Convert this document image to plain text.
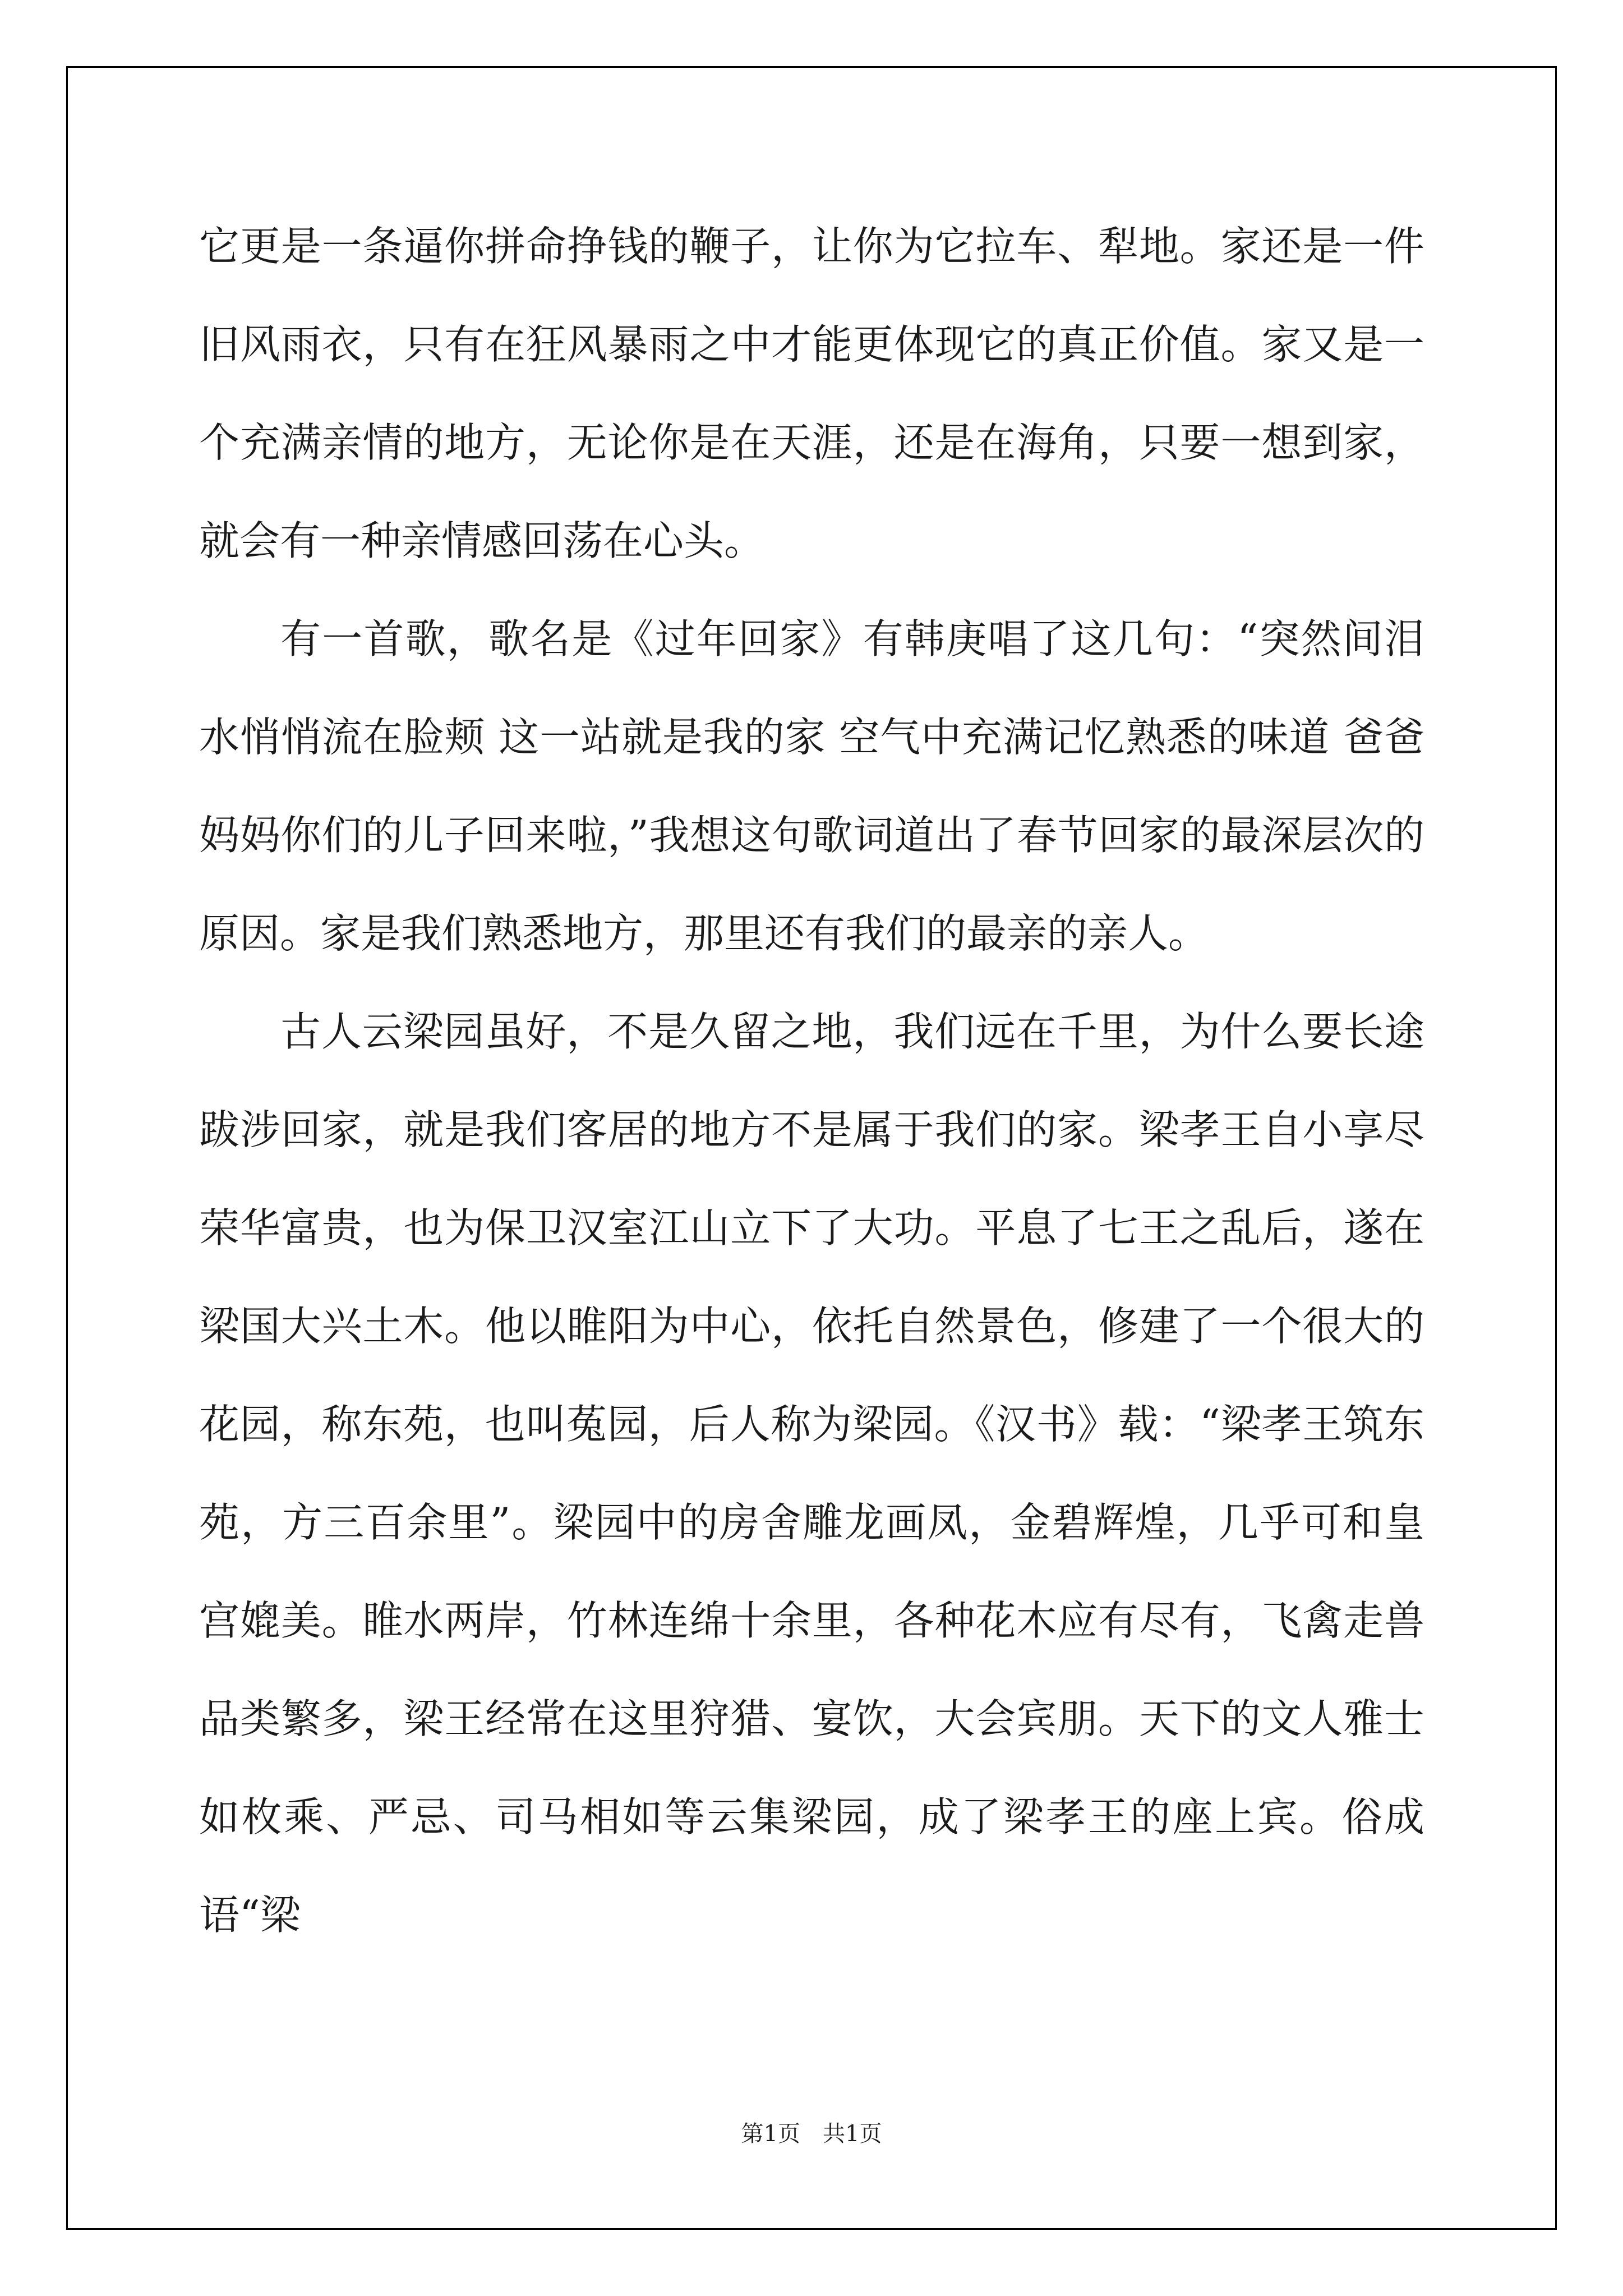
它更是一条逼你拼命挣钱的鞭子，让你为它拉车、犁地。家还是一件旧风雨衣，只有在狂风暴雨之中才能更体现它的真正价值。家又是一个充满亲情的地方，无论你是在天涯，还是在海角，只要一想到家，就会有一种亲情感回荡在心头。

有一首歌，歌名是《过年回家》有韩庚唱了这几句：“突然间泪水悄悄流在脸颊 这一站就是我的家 空气中充满记忆熟悉的味道 爸爸妈妈你们的儿子回来啦，”我想这句歌词道出了春节回家的最深层次的原因。家是我们熟悉地方，那里还有我们的最亲的亲人。

古人云梁园虽好，不是久留之地，我们远在千里，为什么要长途跋涉回家，就是我们客居的地方不是属于我们的家。梁孝王自小享尽荣华富贵，也为保卫汉室江山立下了大功。平息了七王之乱后，遂在梁国大兴土木。他以睢阳为中心，依托自然景色，修建了一个很大的花园，称东苑，也叫菟园，后人称为梁园。《汉书》载：“梁孝王筑东苑，方三百余里”。梁园中的房舍雕龙画凤，金碧辉煌，几乎可和皇宫媲美。睢水两岸，竹林连绵十余里，各种花木应有尽有，飞禽走兽品类繁多，梁王经常在这里狩猎、宴饮，大会宾朋。天下的文人雅士如枚乘、严忌、司马相如等云集梁园，成了梁孝王的座上宾。俗成语“梁

第1页　共1页
